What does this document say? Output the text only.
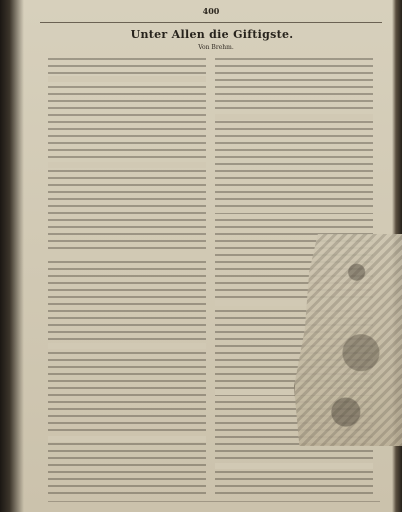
400
Unter Allen die Giftigste.
Von Brehm.
